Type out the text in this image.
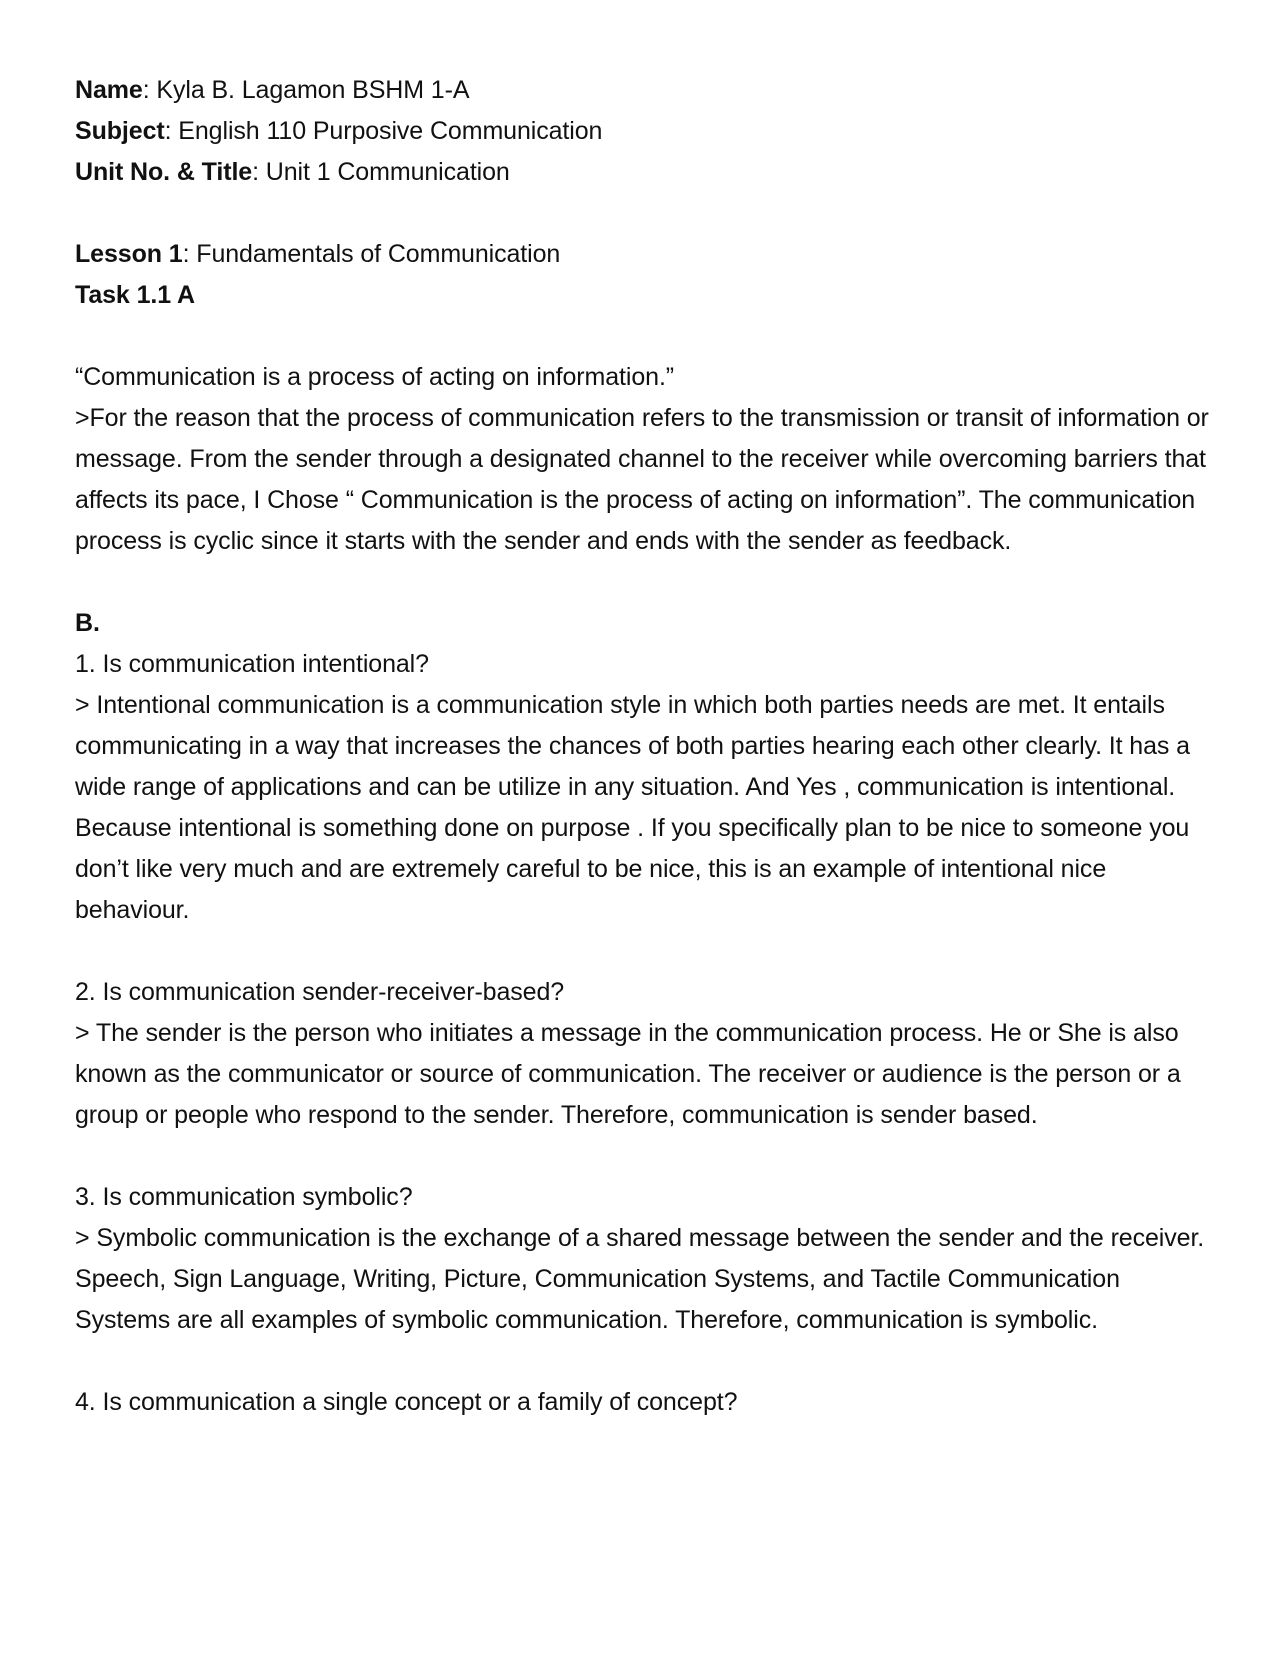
Name: Kyla B. Lagamon BSHM 1-A
Subject: English 110 Purposive Communication
Unit No. & Title: Unit 1 Communication
Lesson 1: Fundamentals of Communication
Task 1.1 A
“Communication is a process of acting on information.”
>For the reason that the process of communication refers to the transmission or transit of information or message. From the sender through a designated channel to the receiver while overcoming barriers that affects its pace, I Chose “ Communication is the process of acting on information”. The communication process is cyclic since it starts with the sender and ends with the sender as feedback.
B.
1. Is communication intentional?
> Intentional communication is a communication style in which both parties needs are met. It entails communicating in a way that increases the chances of both parties hearing each other clearly. It has a wide range of applications and can be utilize in any situation. And Yes , communication is intentional. Because intentional is something done on purpose . If you specifically plan to be nice to someone you don’t like very much and are extremely careful to be nice, this is an example of intentional nice behaviour.
2. Is communication sender-receiver-based?
> The sender is the person who initiates a message in the communication process. He or She is also known as the communicator or source of communication. The receiver or audience is the person or a group or people who respond to the sender. Therefore, communication is sender based.
3. Is communication symbolic?
> Symbolic communication is the exchange of a shared message between the sender and the receiver. Speech, Sign Language, Writing, Picture, Communication Systems, and Tactile Communication Systems are all examples of symbolic communication. Therefore, communication is symbolic.
4. Is communication a single concept or a family of concept?
